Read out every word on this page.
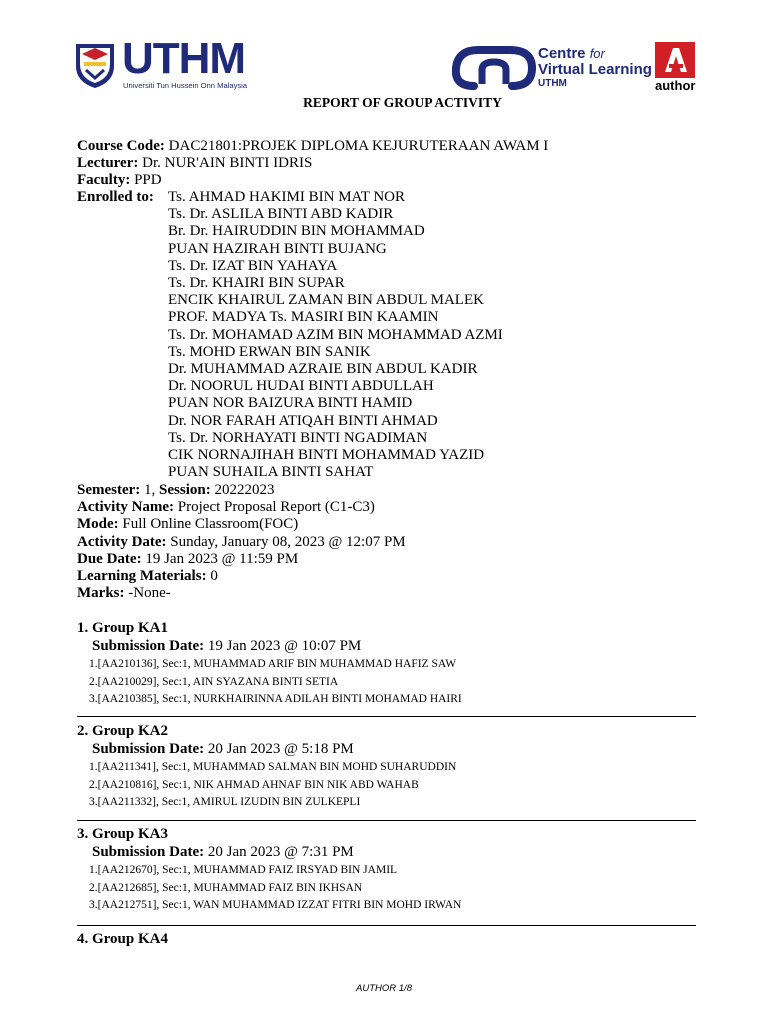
UTHM
Universiti Tun Hussein Onn Malaysia
Centre for
Virtual Learning
UTHM	author
REPORT OF GROUP ACTIVITY
Course Code: DAC21801:PROJEK DIPLOMA KEJURUTERAAN AWAM I
Lecturer: Dr. NUR'AIN BINTI IDRIS
Faculty: PPD
Enrolled to: Ts. AHMAD HAKIMI BIN MAT NOR
Ts. Dr. ASLILA BINTI ABD KADIR
Br. Dr. HAIRUDDIN BIN MOHAMMAD
PUAN HAZIRAH BINTI BUJANG
Ts. Dr. IZAT BIN YAHAYA
Ts. Dr. KHAIRI BIN SUPAR
ENCIK KHAIRUL ZAMAN BIN ABDUL MALEK
PROF. MADYA Ts. MASIRI BIN KAAMIN
Ts. Dr. MOHAMAD AZIM BIN MOHAMMAD AZMI
Ts. MOHD ERWAN BIN SANIK
Dr. MUHAMMAD AZRAIE BIN ABDUL KADIR
Dr. NOORUL HUDAI BINTI ABDULLAH
PUAN NOR BAIZURA BINTI HAMID
Dr. NOR FARAH ATIQAH BINTI AHMAD
Ts. Dr. NORHAYATI BINTI NGADIMAN
CIK NORNAJIHAH BINTI MOHAMMAD YAZID
PUAN SUHAILA BINTI SAHAT
Semester: 1, Session: 20222023
Activity Name: Project Proposal Report (C1-C3)
Mode: Full Online Classroom(FOC)
Activity Date: Sunday, January 08, 2023 @ 12:07 PM
Due Date: 19 Jan 2023 @ 11:59 PM
Learning Materials: 0
Marks: -None-
1. Group KA1
Submission Date: 19 Jan 2023 @ 10:07 PM
1.[AA210136], Sec:1, MUHAMMAD ARIF BIN MUHAMMAD HAFIZ SAW
2.[AA210029], Sec:1, AIN SYAZANA BINTI SETIA
3.[AA210385], Sec:1, NURKHAIRINNA ADILAH BINTI MOHAMAD HAIRI
2. Group KA2
Submission Date: 20 Jan 2023 @ 5:18 PM
1.[AA211341], Sec:1, MUHAMMAD SALMAN BIN MOHD SUHARUDDIN
2.[AA210816], Sec:1, NIK AHMAD AHNAF BIN NIK ABD WAHAB
3.[AA211332], Sec:1, AMIRUL IZUDIN BIN ZULKEPLI
3. Group KA3
Submission Date: 20 Jan 2023 @ 7:31 PM
1.[AA212670], Sec:1, MUHAMMAD FAIZ IRSYAD BIN JAMIL
2.[AA212685], Sec:1, MUHAMMAD FAIZ BIN IKHSAN
3.[AA212751], Sec:1, WAN MUHAMMAD IZZAT FITRI BIN MOHD IRWAN
4. Group KA4
AUTHOR 1/8
